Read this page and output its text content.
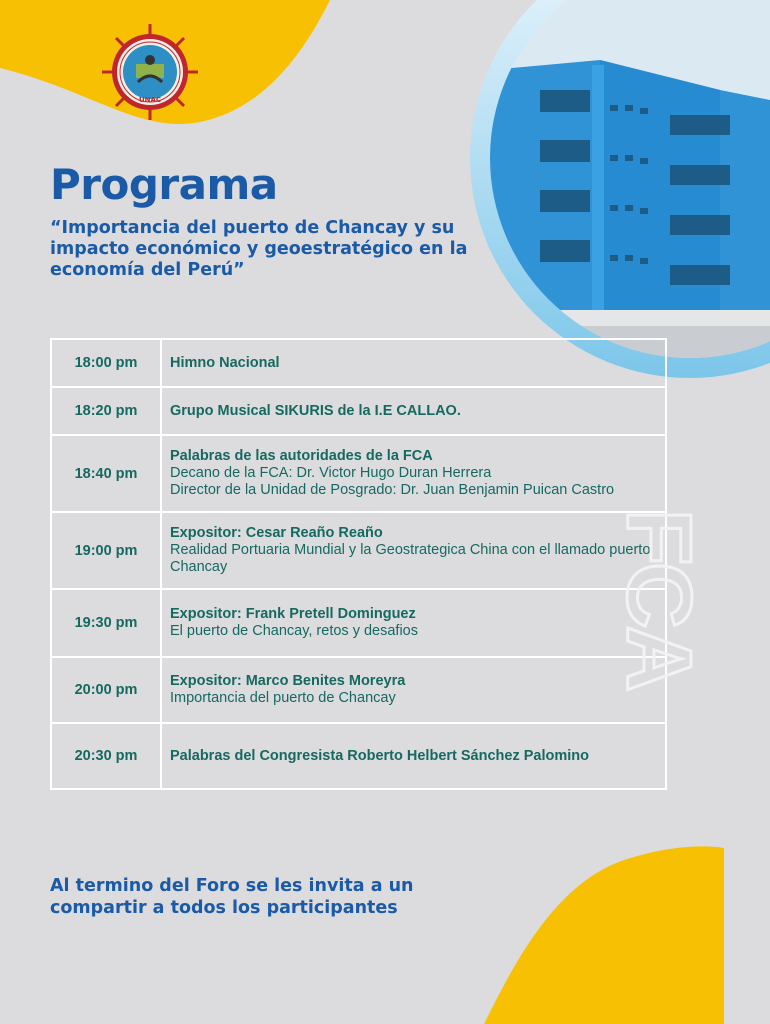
UNAC
Programa

“Importancia del puerto de Chancay y su impacto económico y geoestratégico en la economía del Perú”

18:00 pm	Himno Nacional

18:20 pm	Grupo Musical SIKURIS de la I.E CALLAO.

18:40 pm	Palabras de las autoridades de la FCA
Decano de la FCA: Dr. Victor Hugo Duran Herrera
Director de la Unidad de Posgrado: Dr. Juan Benjamin Puican Castro

19:00 pm	Expositor: Cesar Reaño Reaño
Realidad Portuaria Mundial y la Geostrategica China con el llamado puerto Chancay

19:30 pm	Expositor: Frank Pretell Dominguez
El puerto de Chancay, retos y desafios

20:00 pm	Expositor: Marco Benites Moreyra
Importancia del puerto de Chancay

20:30 pm	Palabras del Congresista Roberto Helbert Sánchez Palomino
FCA

Al termino del Foro se les invita a un compartir a todos los participantes
